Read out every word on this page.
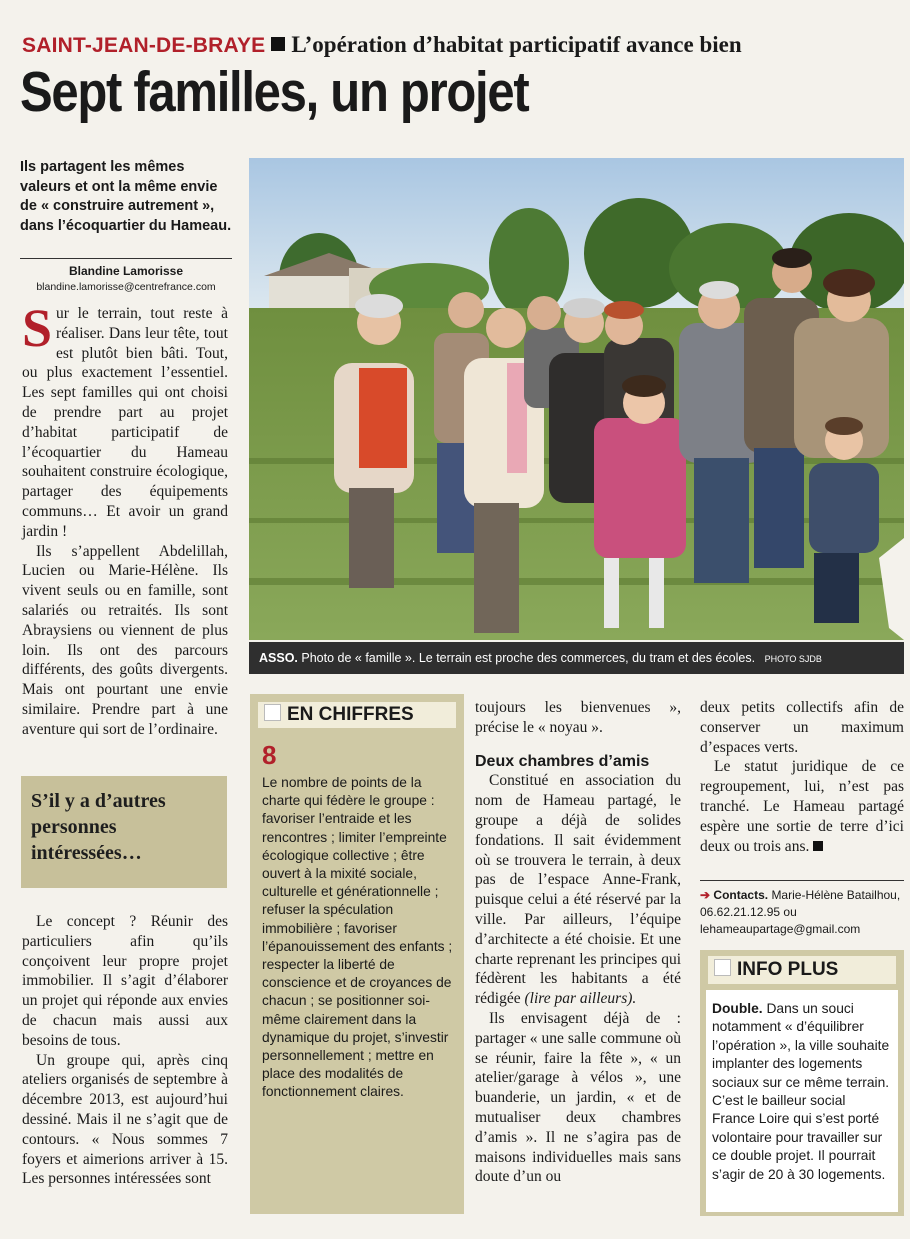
SAINT-JEAN-DE-BRAYE L’opération d’habitat participatif avance bien
Sept familles, un projet
Ils partagent les mêmes valeurs et ont la même envie de « construire autrement », dans l’écoquartier du Hameau.
Blandine Lamorisse
blandine.lamorisse@centrefrance.com

Sur le terrain, tout reste à réaliser. Dans leur tête, tout est plutôt bien bâti. Tout, ou plus exactement l’essentiel. Les sept familles qui ont choisi de prendre part au projet d’habitat participatif de l’écoquartier du Hameau souhaitent construire écologique, partager des équipements communs… Et avoir un grand jardin !

Ils s’appellent Abdelillah, Lucien ou Marie-Hélène. Ils vivent seuls ou en famille, sont salariés ou retraités. Ils sont Abraysiens ou viennent de plus loin. Ils ont des parcours différents, des goûts divergents. Mais ont pourtant une envie similaire. Prendre part à une aventure qui sort de l’ordinaire.

S’il y a d’autres personnes intéressées…

Le concept ? Réunir des particuliers afin qu’ils conçoivent leur propre projet immobilier. Il s’agit d’élaborer un projet qui réponde aux envies de chacun mais aussi aux besoins de tous.

Un groupe qui, après cinq ateliers organisés de septembre à décembre 2013, est aujourd’hui dessiné. Mais il ne s’agit que de contours. « Nous sommes 7 foyers et aimerions arriver à 15. Les personnes intéressées sont

ASSO. Photo de « famille ». Le terrain est proche des commerces, du tram et des écoles. PHOTO SJDB
EN CHIFFRES
8
Le nombre de points de la charte qui fédère le groupe : favoriser l’entraide et les rencontres ; limiter l’empreinte écologique collective ; être ouvert à la mixité sociale, culturelle et générationnelle ; refuser la spéculation immobilière ; favoriser l’épanouissement des enfants ; respecter la liberté de conscience et de croyances de chacun ; se positionner soi-même clairement dans la dynamique du projet, s’investir personnellement ; mettre en place des modalités de fonctionnement claires.

toujours les bienvenues », précise le « noyau ».

Deux chambres d’amis

Constitué en association du nom de Hameau partagé, le groupe a déjà de solides fondations. Il sait évidemment où se trouvera le terrain, à deux pas de l’espace Anne-Frank, puisque celui a été réservé par la ville. Par ailleurs, l’équipe d’architecte a été choisie. Et une charte reprenant les principes qui fédèrent les habitants a été rédigée (lire par ailleurs).

Ils envisagent déjà de : partager « une salle commune où se réunir, faire la fête », « un atelier/garage à vélos », une buanderie, un jardin, « et de mutualiser deux chambres d’amis ». Il ne s’agira pas de maisons individuelles mais sans doute d’un ou

deux petits collectifs afin de conserver un maximum d’espaces verts.

Le statut juridique de ce regroupement, lui, n’est pas tranché. Le Hameau partagé espère une sortie de terre d’ici deux ou trois ans.

➔ Contacts. Marie-Hélène Batailhou, 06.62.21.12.95 ou lehameaupartage@gmail.com
INFO PLUS
Double. Dans un souci notamment « d’équilibrer l’opération », la ville souhaite implanter des logements sociaux sur ce même terrain. C’est le bailleur social France Loire qui s’est porté volontaire pour travailler sur ce double projet. Il pourrait s’agir de 20 à 30 logements.
